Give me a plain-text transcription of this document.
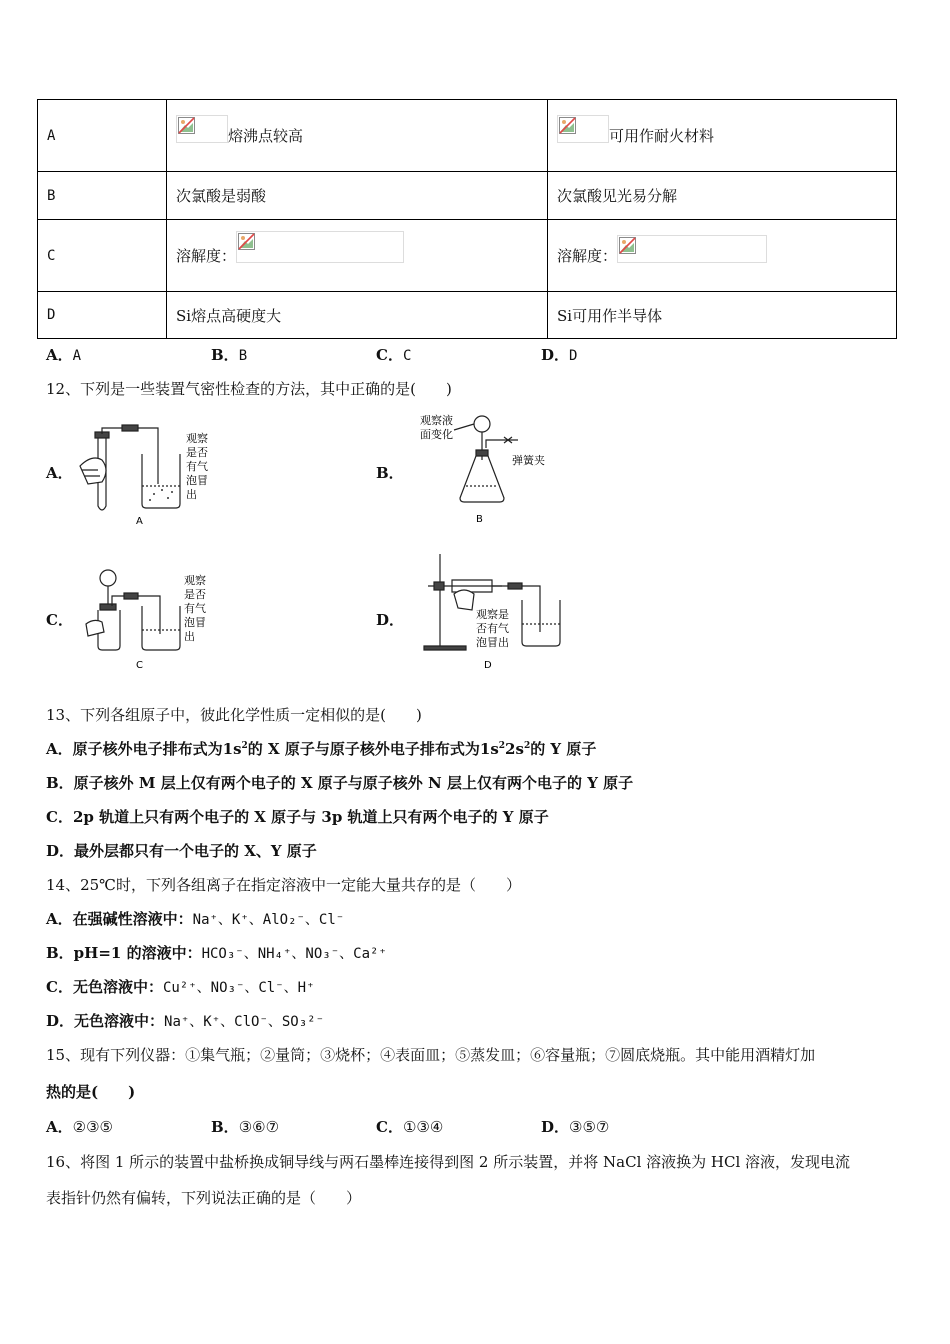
A	熔沸点较高	可用作耐火材料
B	次氯酸是弱酸	次氯酸见光易分解
C	溶解度：	溶解度：

D	Si熔点高硬度大	Si可用作半导体
A．A	B．B	C．C	D．D
12、下列是一些装置气密性检查的方法，其中正确的是(　　)
A．
观察
是否
有气
泡冒
出
A
B．
观察液
面变化
弹簧夹
B
C．
观察
是否
有气
泡冒
出
C
D．	观察是
否有气
泡冒出
D
13、下列各组原子中，彼此化学性质一定相似的是(　　)
A．原子核外电子排布式为$1s^2$的 X 原子与原子核外电子排布式为$1s^22s^2$的 Y 原子
B．原子核外 M 层上仅有两个电子的 X 原子与原子核外 N 层上仅有两个电子的 Y 原子
C．2p 轨道上只有两个电子的 X 原子与 3p 轨道上只有两个电子的 Y 原子
D．最外层都只有一个电子的 X、Y 原子
14、25℃时，下列各组离子在指定溶液中一定能大量共存的是（　　）
A．在强碱性溶液中：Na⁺、K⁺、AlO₂⁻、Cl⁻
B．pH=1 的溶液中：HCO₃⁻、NH₄⁺、NO₃⁻、Ca²⁺
C．无色溶液中：Cu²⁺、NO₃⁻、Cl⁻、H⁺
D．无色溶液中：Na⁺、K⁺、ClO⁻、SO₃²⁻
15、现有下列仪器：①集气瓶；②量筒；③烧杯；④表面皿；⑤蒸发皿；⑥容量瓶；⑦圆底烧瓶。其中能用酒精灯加
热的是(　　)
A．②③⑤	B．③⑥⑦	C．①③④	D．③⑤⑦
16、将图 1 所示的装置中盐桥换成铜导线与两石墨棒连接得到图 2 所示装置，并将 NaCl 溶液换为 HCl 溶液，发现电流
表指针仍然有偏转，下列说法正确的是（　　）
